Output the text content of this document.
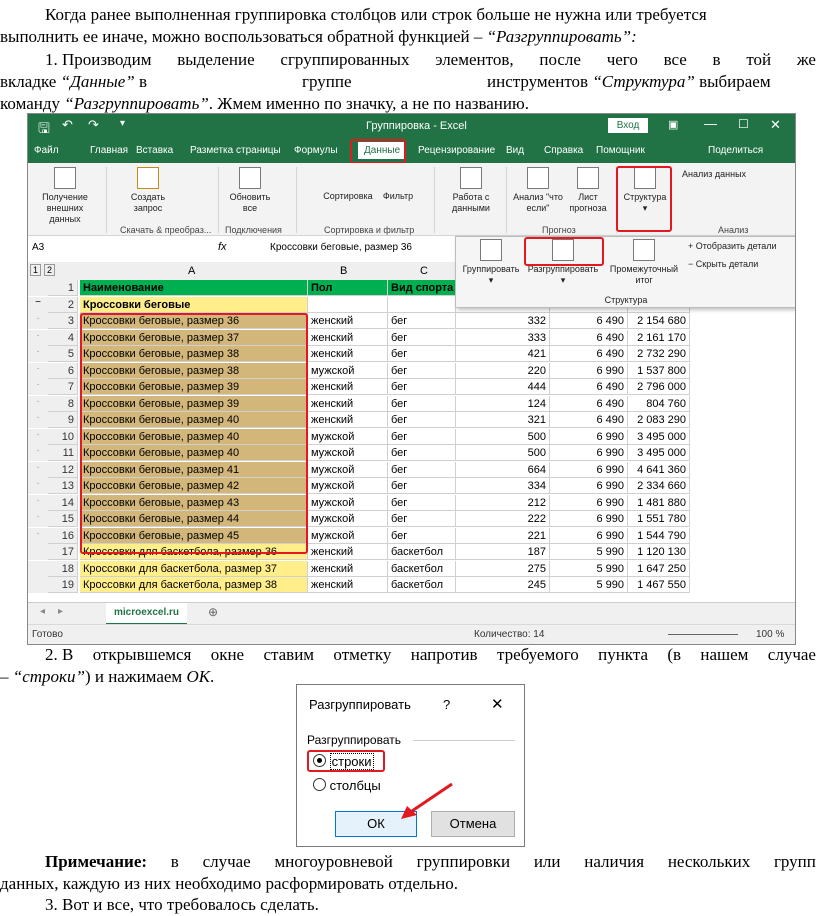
Когда ранее выполненная группировка столбцов или строк больше не нужна или требуется
выполнить ее иначе, можно воспользоваться обратной функцией – “Разгруппировать”:
1. Производим выделение сгруппированных элементов, после чего все в той же
вкладке “Данные” в	группе	инструментов “Структура” выбираем
команду “Разгруппировать”. Жмем именно по значку, а не по названию.
🖫 ↶ ↷ ▾	Группировка - Excel	Вход	▣ — ☐ ✕
Файл	Главная Вставка Разметка страницы Формулы	Данные	Рецензирование Вид Справка Помощник	Поделиться

Получение внешних данных

Создать запрос
Скачать & преобраз...

Обновить все
Подключения
Сортировка	Фильтр
Сортировка и фильтр

Работа с данными

Анализ "что если"

Лист прогноза
Прогноз

Структура
▾
Анализ данных
Анализ
A3	fx	Кроссовки беговые, размер 36
1 2	A	B	C
1 Наименование	Пол	Вид спорта
−	2 Кроссовки беговые
·	3 Кроссовки беговые, размер 36	женский	бег	332	6 490	2 154 680
·	4 Кроссовки беговые, размер 37	женский	бег	333	6 490	2 161 170
·	5 Кроссовки беговые, размер 38	женский	бег	421	6 490	2 732 290
·	6 Кроссовки беговые, размер 38	мужской	бег	220	6 990	1 537 800
·	7 Кроссовки беговые, размер 39	женский	бег	444	6 490	2 796 000
·	8 Кроссовки беговые, размер 39	женский	бег	124	6 490	804 760
·	9 Кроссовки беговые, размер 40	женский	бег	321	6 490	2 083 290
·	10 Кроссовки беговые, размер 40	мужской	бег	500	6 990	3 495 000
·	11 Кроссовки беговые, размер 40	мужской	бег	500	6 990	3 495 000
·	12 Кроссовки беговые, размер 41	мужской	бег	664	6 990	4 641 360
·	13 Кроссовки беговые, размер 42	мужской	бег	334	6 990	2 334 660
·	14 Кроссовки беговые, размер 43	мужской	бег	212	6 990	1 481 880
·	15 Кроссовки беговые, размер 44	мужской	бег	222	6 990	1 551 780
·	16 Кроссовки беговые, размер 45	мужской	бег	221	6 990	1 544 790
17 Кроссовки для баскетбола, размер 36	женский	баскетбол	187	5 990	1 120 130
18 Кроссовки для баскетбола, размер 37	женский	баскетбол	275	5 990	1 647 250
19 Кроссовки для баскетбола, размер 38	женский	баскетбол	245	5 990	1 467 550

Группировать
▾

Разгруппировать
▾

Промежуточный итог
+ Отобразить детали
− Скрыть детали
Структура
◂ ▸	microexcel.ru	⊕
Готово	Количество: 14	100 %
2. В открывшемся окне ставим отметку напротив требуемого пункта (в нашем случае
– “строки”) и нажимаем ОК.
Разгруппировать ?	✕
Разгруппировать
строки
столбцы
ОК	Отмена
Примечание: в случае многоуровневой группировки или наличия нескольких групп
данных, каждую из них необходимо расформировать отдельно.
3. Вот и все, что требовалось сделать.
